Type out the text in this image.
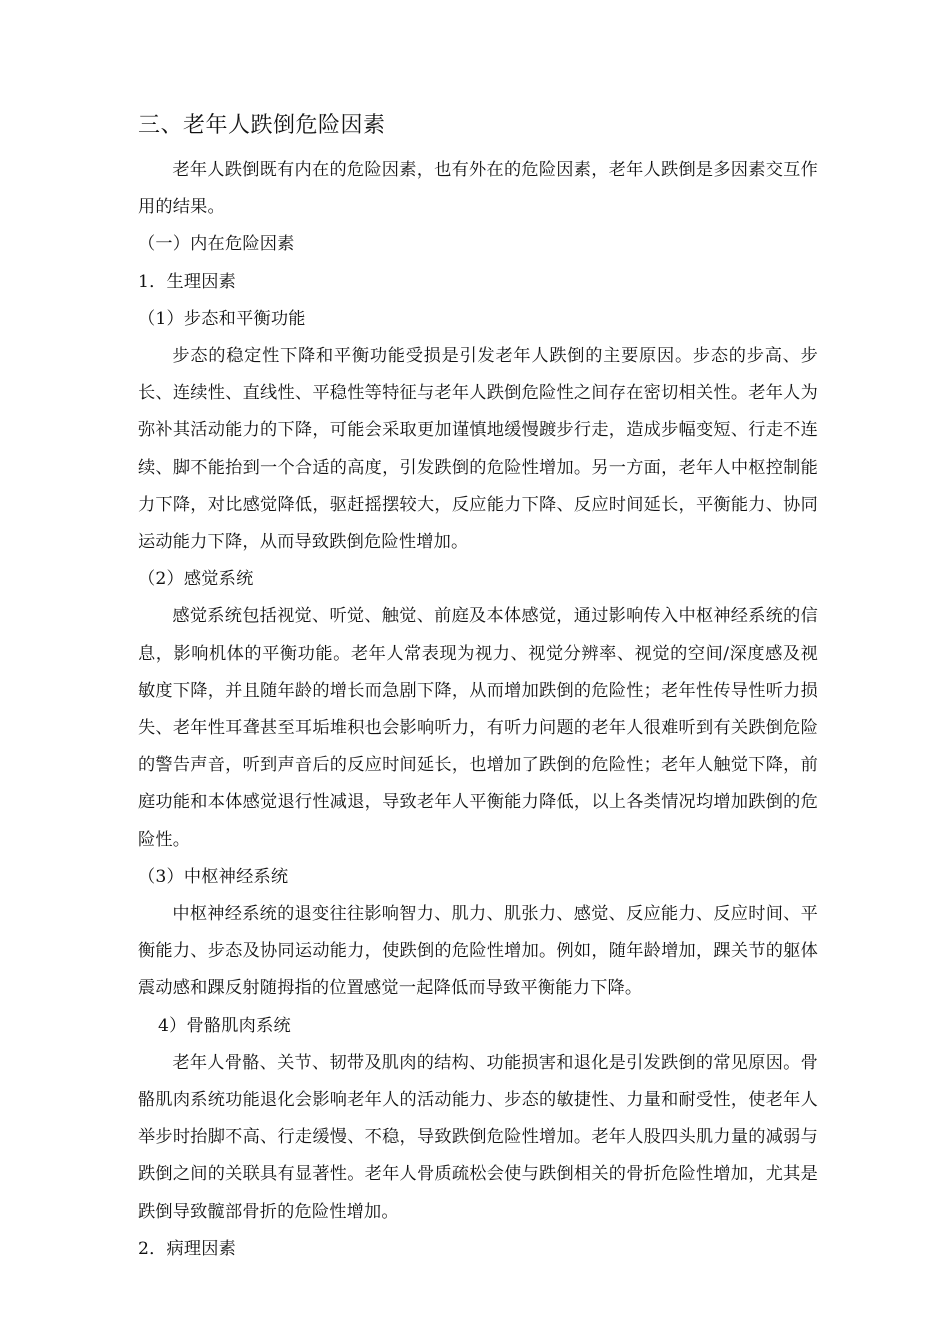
三、老年人跌倒危险因素

老年人跌倒既有内在的危险因素，也有外在的危险因素，老年人跌倒是多因素交互作用的结果。

（一）内在危险因素
1．生理因素
（1）步态和平衡功能

步态的稳定性下降和平衡功能受损是引发老年人跌倒的主要原因。步态的步高、步长、连续性、直线性、平稳性等特征与老年人跌倒危险性之间存在密切相关性。老年人为弥补其活动能力的下降，可能会采取更加谨慎地缓慢踱步行走，造成步幅变短、行走不连续、脚不能抬到一个合适的高度，引发跌倒的危险性增加。另一方面，老年人中枢控制能力下降，对比感觉降低，驱赶摇摆较大，反应能力下降、反应时间延长，平衡能力、协同运动能力下降，从而导致跌倒危险性增加。

（2）感觉系统

感觉系统包括视觉、听觉、触觉、前庭及本体感觉，通过影响传入中枢神经系统的信息，影响机体的平衡功能。老年人常表现为视力、视觉分辨率、视觉的空间/深度感及视敏度下降，并且随年龄的增长而急剧下降，从而增加跌倒的危险性；老年性传导性听力损失、老年性耳聋甚至耳垢堆积也会影响听力，有听力问题的老年人很难听到有关跌倒危险的警告声音，听到声音后的反应时间延长，也增加了跌倒的危险性；老年人触觉下降，前庭功能和本体感觉退行性减退，导致老年人平衡能力降低，以上各类情况均增加跌倒的危险性。

（3）中枢神经系统

中枢神经系统的退变往往影响智力、肌力、肌张力、感觉、反应能力、反应时间、平衡能力、步态及协同运动能力，使跌倒的危险性增加。例如，随年龄增加，踝关节的躯体震动感和踝反射随拇指的位置感觉一起降低而导致平衡能力下降。

4）骨骼肌肉系统

老年人骨骼、关节、韧带及肌肉的结构、功能损害和退化是引发跌倒的常见原因。骨骼肌肉系统功能退化会影响老年人的活动能力、步态的敏捷性、力量和耐受性，使老年人举步时抬脚不高、行走缓慢、不稳，导致跌倒危险性增加。老年人股四头肌力量的减弱与跌倒之间的关联具有显著性。老年人骨质疏松会使与跌倒相关的骨折危险性增加，尤其是跌倒导致髋部骨折的危险性增加。

2．病理因素
